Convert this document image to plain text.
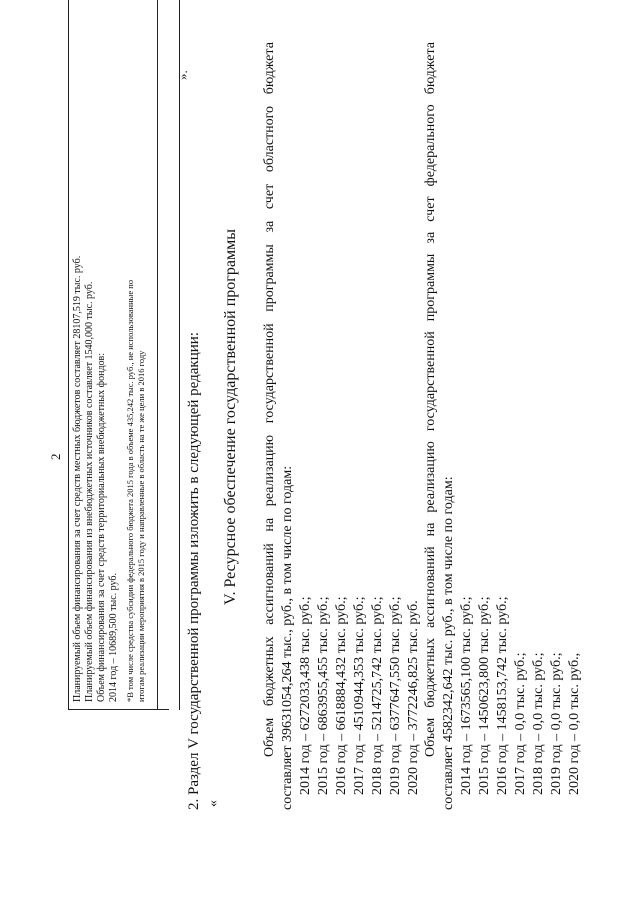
2 Планируемый объем финансирования за счет средств местных бюджетов составляет 28107,519 тыс. руб. Планируемый объем финансирования из внебюджетных источников составляет 1540,000 тыс. руб. Объем финансирования за счет средств территориальных внебюджетных фондов: 2014 год – 10689,500 тыс. руб. *В том числе средства субсидии федерального бюджета 2015 года в объеме 435,242 тыс. руб., не использованные по итогам реализации мероприятия в 2015 году и направленные в область на те же цели в 2016 году
».
2. Раздел V государственной программы изложить в следующей редакции: «
V. Ресурсное обеспечение государственной программы
Объем
бюджетных
ассигнований
на
реализацию
государственной
программы
за
счет
областного
бюджета
составляет 39631054,264 тыс., руб., в том числе по годам: 2014 год – 6272033,438 тыс. руб.; 2015 год – 6863955,455 тыс. руб.; 2016 год – 6618884,432 тыс. руб.; 2017 год – 4510944,353 тыс. руб.; 2018 год – 5214725,742 тыс. руб.; 2019 год – 6377647,550 тыс. руб.; 2020 год – 3772246,825 тыс. руб. Объем
бюджетных
ассигнований
на
реализацию
государственной
программы
за
счет
федерального
бюджета
составляет 4582342,642 тыс. руб., в том числе по годам: 2014 год – 1673565,100 тыс. руб.; 2015 год – 1450623,800 тыс. руб.; 2016 год – 1458153,742 тыс. руб.; 2017 год – 0,0 тыс. руб.; 2018 год – 0,0 тыс. руб.; 2019 год – 0,0 тыс. руб.; 2020 год – 0,0 тыс. руб.,
